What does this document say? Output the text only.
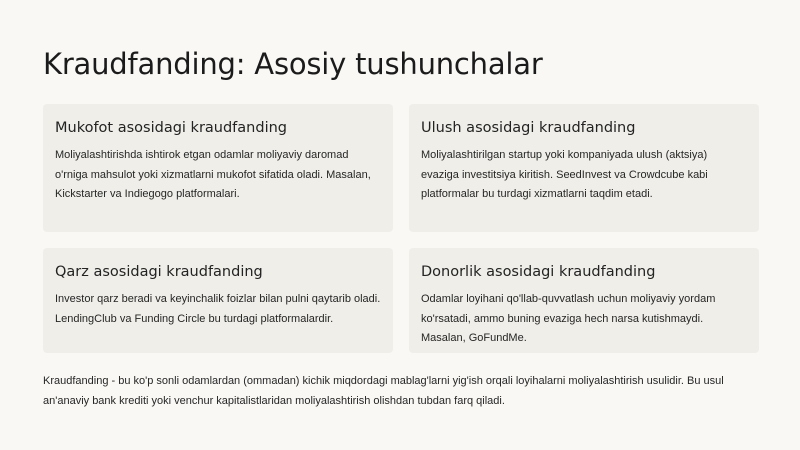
Kraudfanding: Asosiy tushunchalar
Mukofot asosidagi kraudfanding

Moliyalashtirishda ishtirok etgan odamlar moliyaviy daromad o'rniga mahsulot yoki xizmatlarni mukofot sifatida oladi. Masalan, Kickstarter va Indiegogo platformalari.

Ulush asosidagi kraudfanding

Moliyalashtirilgan startup yoki kompaniyada ulush (aktsiya) evaziga investitsiya kiritish. SeedInvest va Crowdcube kabi platformalar bu turdagi xizmatlarni taqdim etadi.

Qarz asosidagi kraudfanding

Investor qarz beradi va keyinchalik foizlar bilan pulni qaytarib oladi. LendingClub va Funding Circle bu turdagi platformalardir.

Donorlik asosidagi kraudfanding

Odamlar loyihani qo'llab-quvvatlash uchun moliyaviy yordam ko'rsatadi, ammo buning evaziga hech narsa kutishmaydi. Masalan, GoFundMe.

Kraudfanding - bu ko'p sonli odamlardan (ommadan) kichik miqdordagi mablag'larni yig'ish orqali loyihalarni moliyalashtirish usulidir. Bu usul an'anaviy bank krediti yoki venchur kapitalistlaridan moliyalashtirish olishdan tubdan farq qiladi.
